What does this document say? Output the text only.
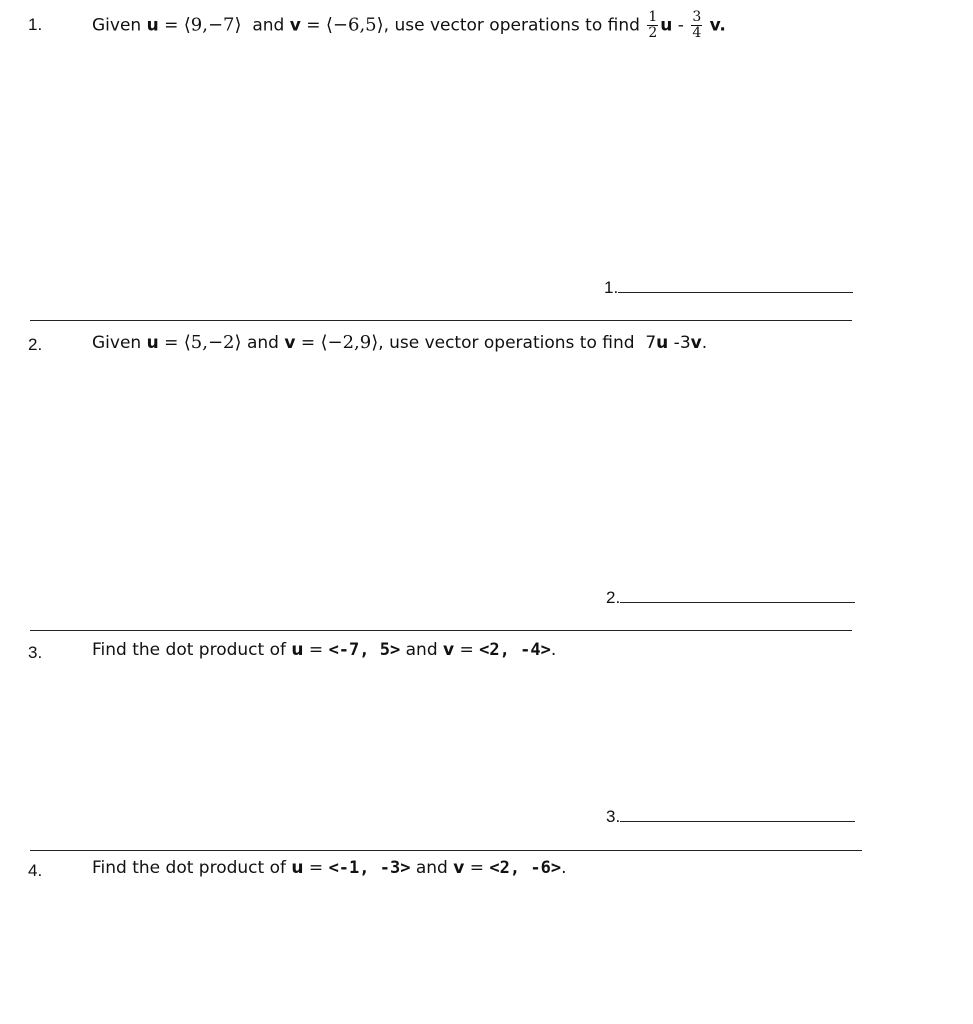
1.	Given u = ⟨9,−7⟩ and v = ⟨−6,5⟩, use vector operations to find $\frac{1}{2}$ u - $\frac{3}{4} v$.
1.
2.	Given u = ⟨5,−2⟩ and v = ⟨−2,9⟩, use vector operations to find 7u -3v.
2.
3.	Find the dot product of u = <-7, 5> and v = <2, -4>.
3.
4.	Find the dot product of u = <-1, -3> and v = <2, -6>.
